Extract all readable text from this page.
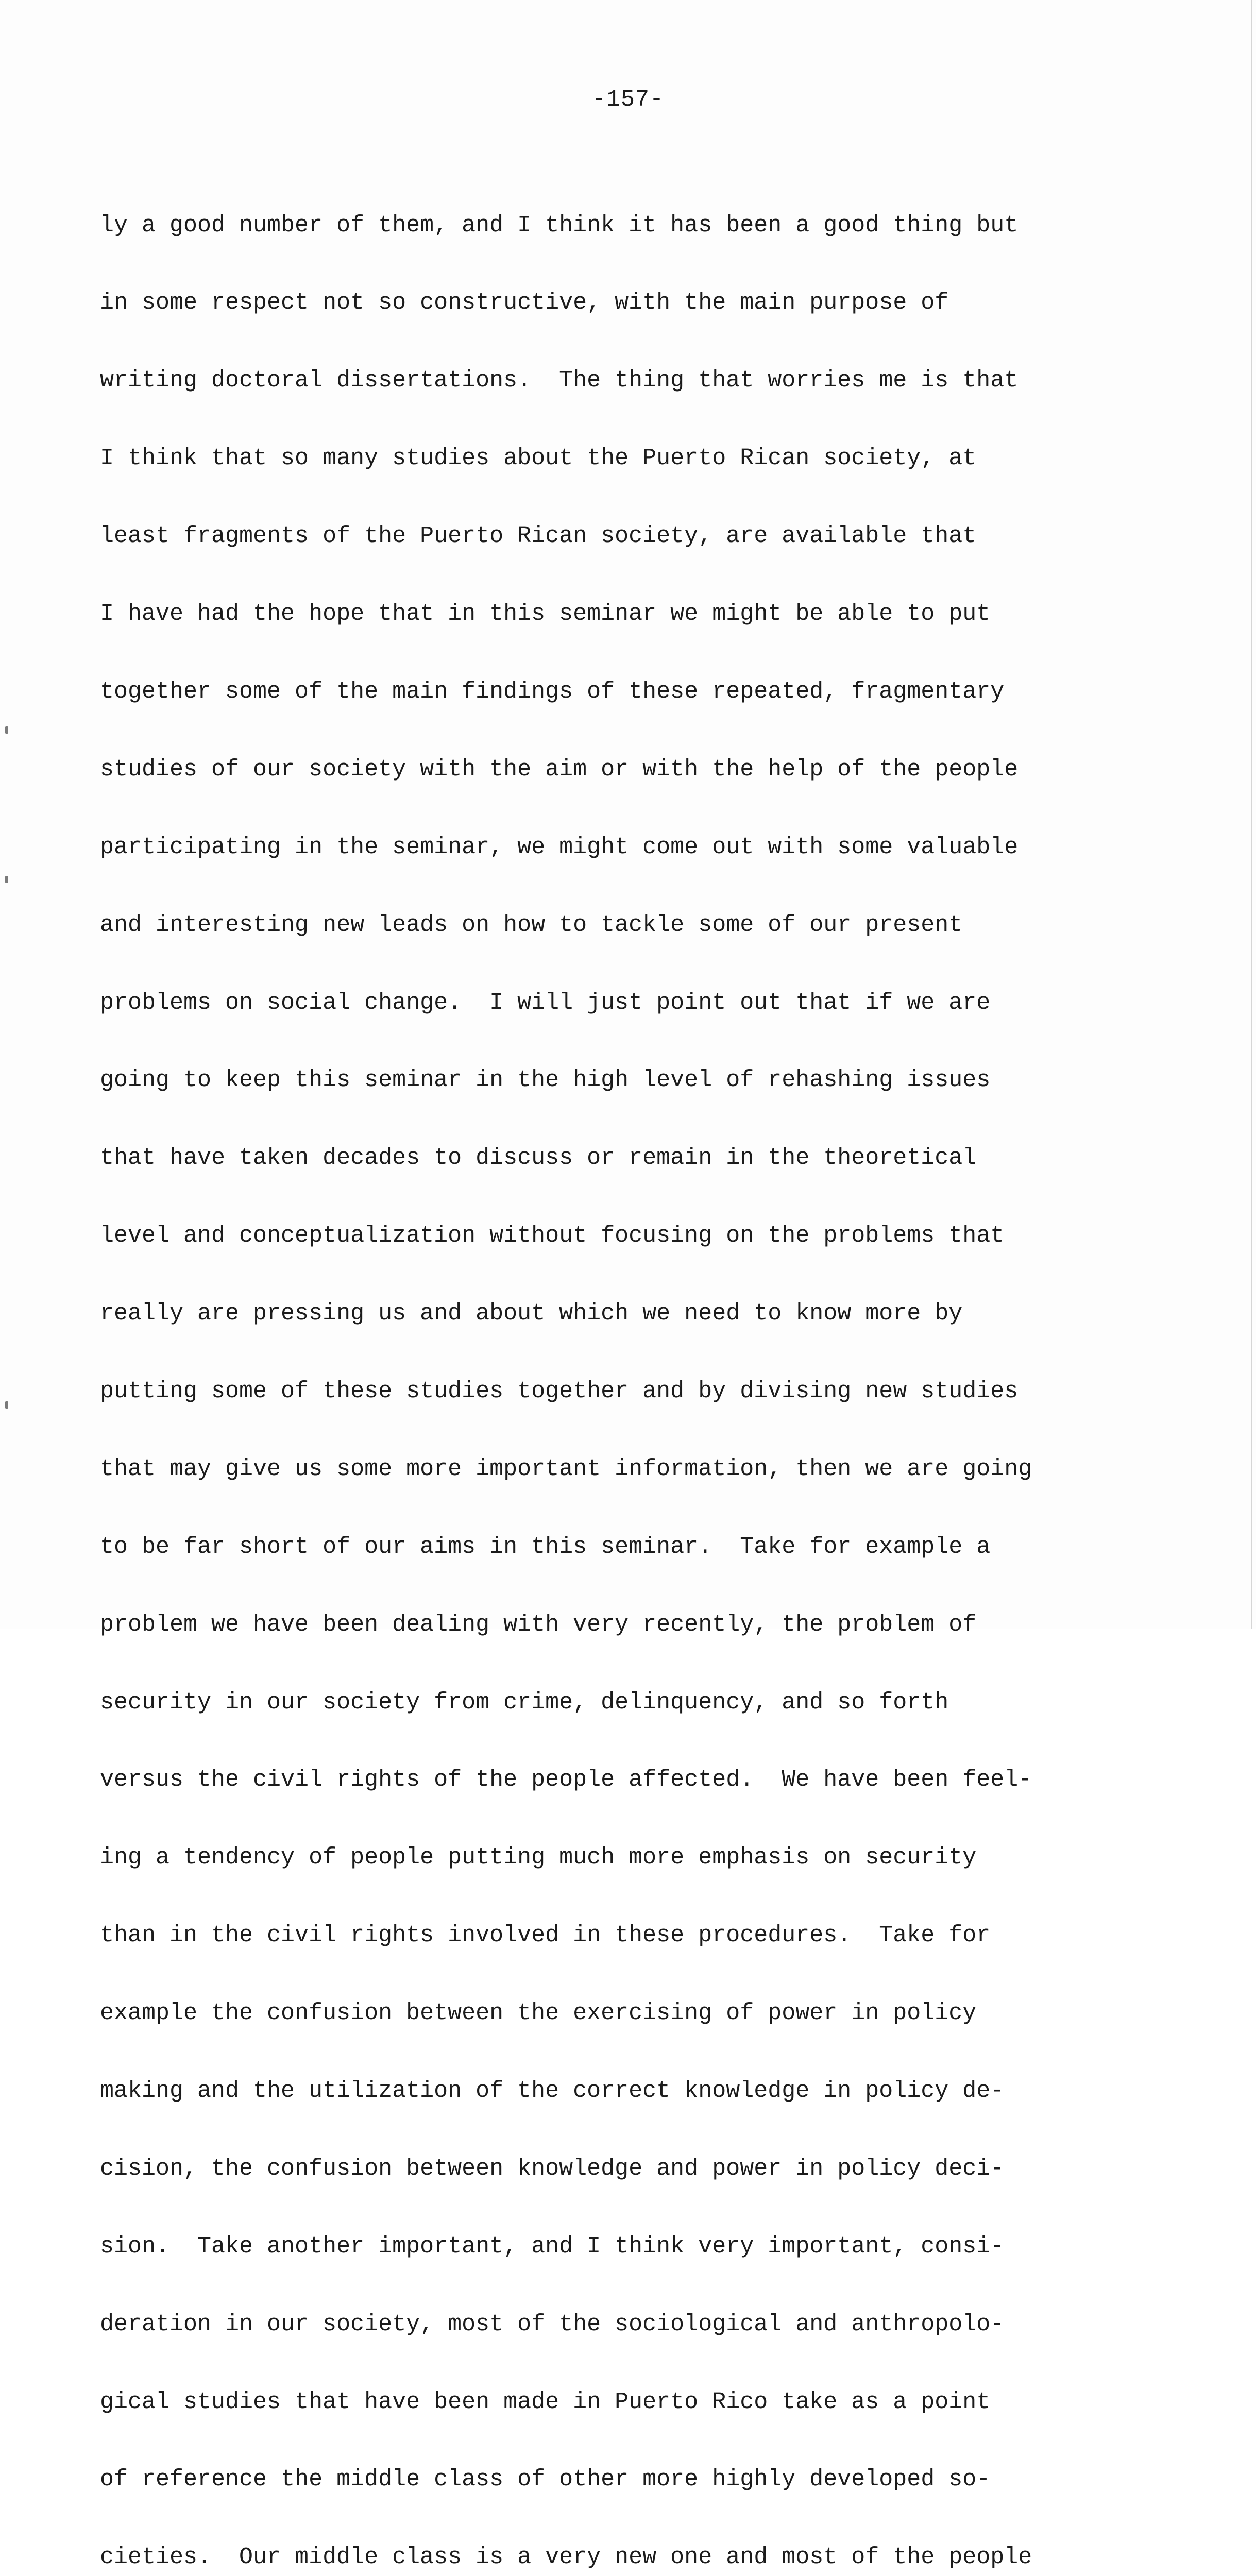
-157-

ly a good number of them, and I think it has been a good thing but

in some respect not so constructive, with the main purpose of

writing doctoral dissertations.  The thing that worries me is that

I think that so many studies about the Puerto Rican society, at

least fragments of the Puerto Rican society, are available that

I have had the hope that in this seminar we might be able to put

together some of the main findings of these repeated, fragmentary

studies of our society with the aim or with the help of the people

participating in the seminar, we might come out with some valuable

and interesting new leads on how to tackle some of our present

problems on social change.  I will just point out that if we are

going to keep this seminar in the high level of rehashing issues

that have taken decades to discuss or remain in the theoretical

level and conceptualization without focusing on the problems that

really are pressing us and about which we need to know more by

putting some of these studies together and by divising new studies

that may give us some more important information, then we are going

to be far short of our aims in this seminar.  Take for example a

problem we have been dealing with very recently, the problem of

security in our society from crime, delinquency, and so forth

versus the civil rights of the people affected.  We have been feel-

ing a tendency of people putting much more emphasis on security

than in the civil rights involved in these procedures.  Take for

example the confusion between the exercising of power in policy

making and the utilization of the correct knowledge in policy de-

cision, the confusion between knowledge and power in policy deci-

sion.  Take another important, and I think very important, consi-

deration in our society, most of the sociological and anthropolo-

gical studies that have been made in Puerto Rico take as a point

of reference the middle class of other more highly developed so-

cieties.  Our middle class is a very new one and most of the people
